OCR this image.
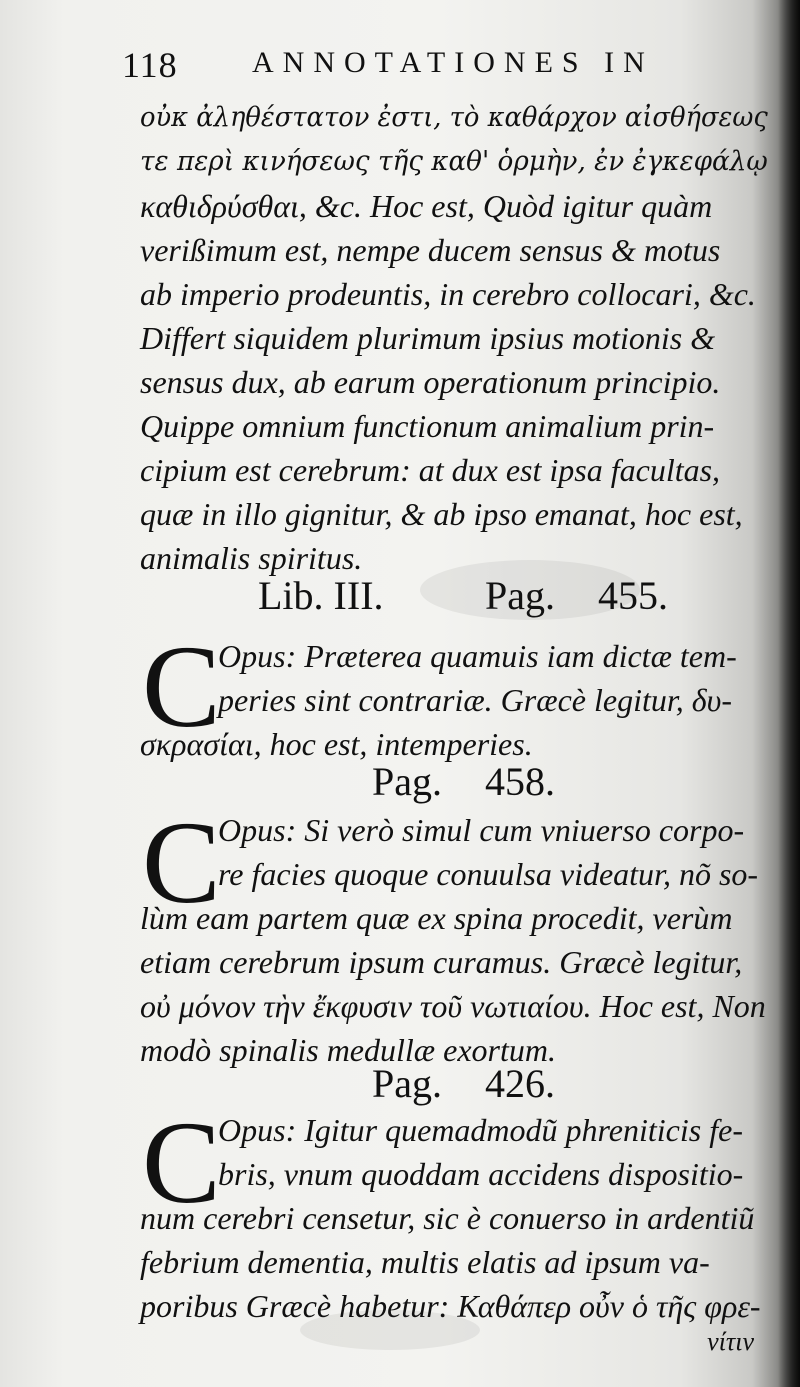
118 ANNOTATIONES IN
οὐκ ἀληθέστατον ἐστι, τὸ καθάρχον αἰσθήσεως
τε περὶ κινήσεως τῆς καθ' ὁρμὴν, ἐν ἐγκεφάλῳ
καθιδρύσθαι, &c. Hoc est, Quòd igitur quàm
verißimum est, nempe ducem sensus & motus
ab imperio prodeuntis, in cerebro collocari, &c.
Differt siquidem plurimum ipsius motionis &
sensus dux, ab earum operationum principio.
Quippe omnium functionum animalium prin-
cipium est cerebrum: at dux est ipsa facultas,
quæ in illo gignitur, & ab ipso emanat, hoc est,
animalis spiritus.
Lib. III.	Pag. 455.
C
Opus: Præterea quamuis iam dictæ tem-
peries sint contrariæ. Græcè legitur, δυ-
σκρασίαι, hoc est, intemperies.
Pag. 458.
C
Opus: Si verò simul cum vniuerso corpo-
re facies quoque conuulsa videatur, nõ so-
lùm eam partem quæ ex spina procedit, verùm
etiam cerebrum ipsum curamus. Græcè legitur,
οὐ μόνον τὴν ἔκφυσιν τοῦ νωτιαίου. Hoc est, Non
modò spinalis medullæ exortum.
Pag. 426.
C
Opus: Igitur quemadmodũ phreniticis fe-
bris, vnum quoddam accidens dispositio-
num cerebri censetur, sic è conuerso in ardentiũ
febrium dementia, multis elatis ad ipsum va-
poribus Græcè habetur: Καθάπερ οὖν ὁ τῆς φρε-
νίτιν
